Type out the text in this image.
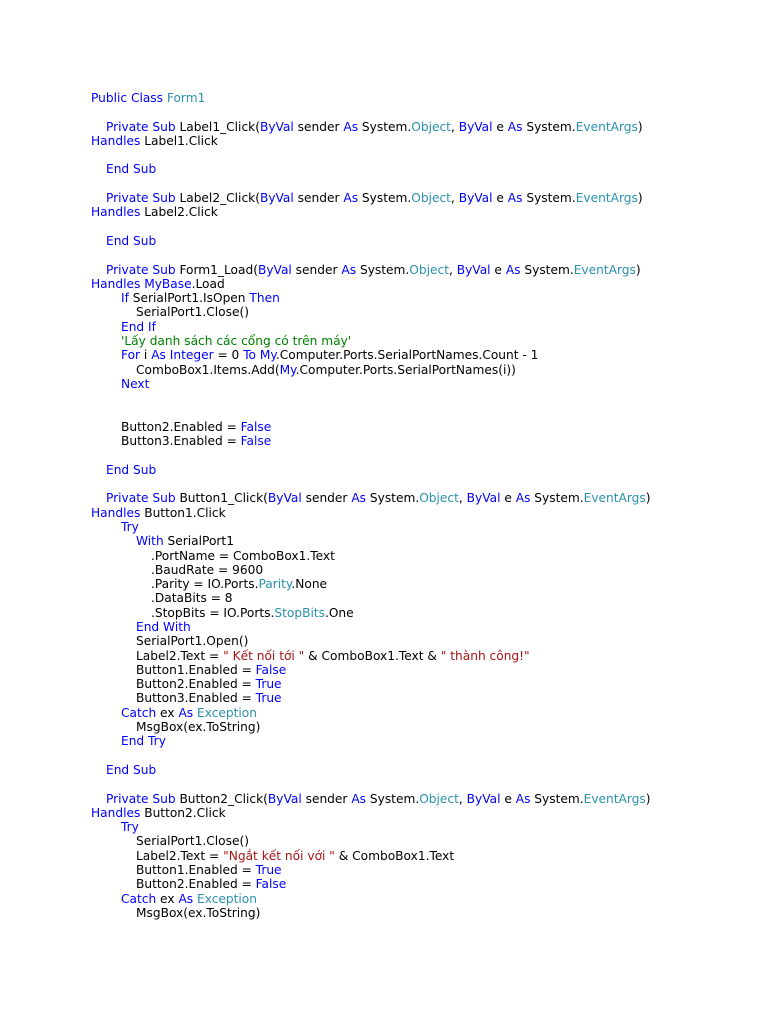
Public Class Form1
Private Sub Label1_Click(ByVal sender As System.Object, ByVal e As System.EventArgs)
Handles Label1.Click
End Sub
Private Sub Label2_Click(ByVal sender As System.Object, ByVal e As System.EventArgs)
Handles Label2.Click
End Sub
Private Sub Form1_Load(ByVal sender As System.Object, ByVal e As System.EventArgs)
Handles MyBase.Load
If SerialPort1.IsOpen Then
SerialPort1.Close()
End If
'Lấy danh sách các cổng có trên máy'
For i As Integer = 0 To My.Computer.Ports.SerialPortNames.Count - 1
ComboBox1.Items.Add(My.Computer.Ports.SerialPortNames(i))
Next
Button2.Enabled = False
Button3.Enabled = False
End Sub
Private Sub Button1_Click(ByVal sender As System.Object, ByVal e As System.EventArgs)
Handles Button1.Click
Try
With SerialPort1
.PortName = ComboBox1.Text
.BaudRate = 9600
.Parity = IO.Ports.Parity.None
.DataBits = 8
.StopBits = IO.Ports.StopBits.One
End With
SerialPort1.Open()
Label2.Text = " Kết nối tới " & ComboBox1.Text & " thành công!"
Button1.Enabled = False
Button2.Enabled = True
Button3.Enabled = True
Catch ex As Exception
MsgBox(ex.ToString)
End Try
End Sub
Private Sub Button2_Click(ByVal sender As System.Object, ByVal e As System.EventArgs)
Handles Button2.Click
Try
SerialPort1.Close()
Label2.Text = "Ngắt kết nối với " & ComboBox1.Text
Button1.Enabled = True
Button2.Enabled = False
Catch ex As Exception
MsgBox(ex.ToString)
